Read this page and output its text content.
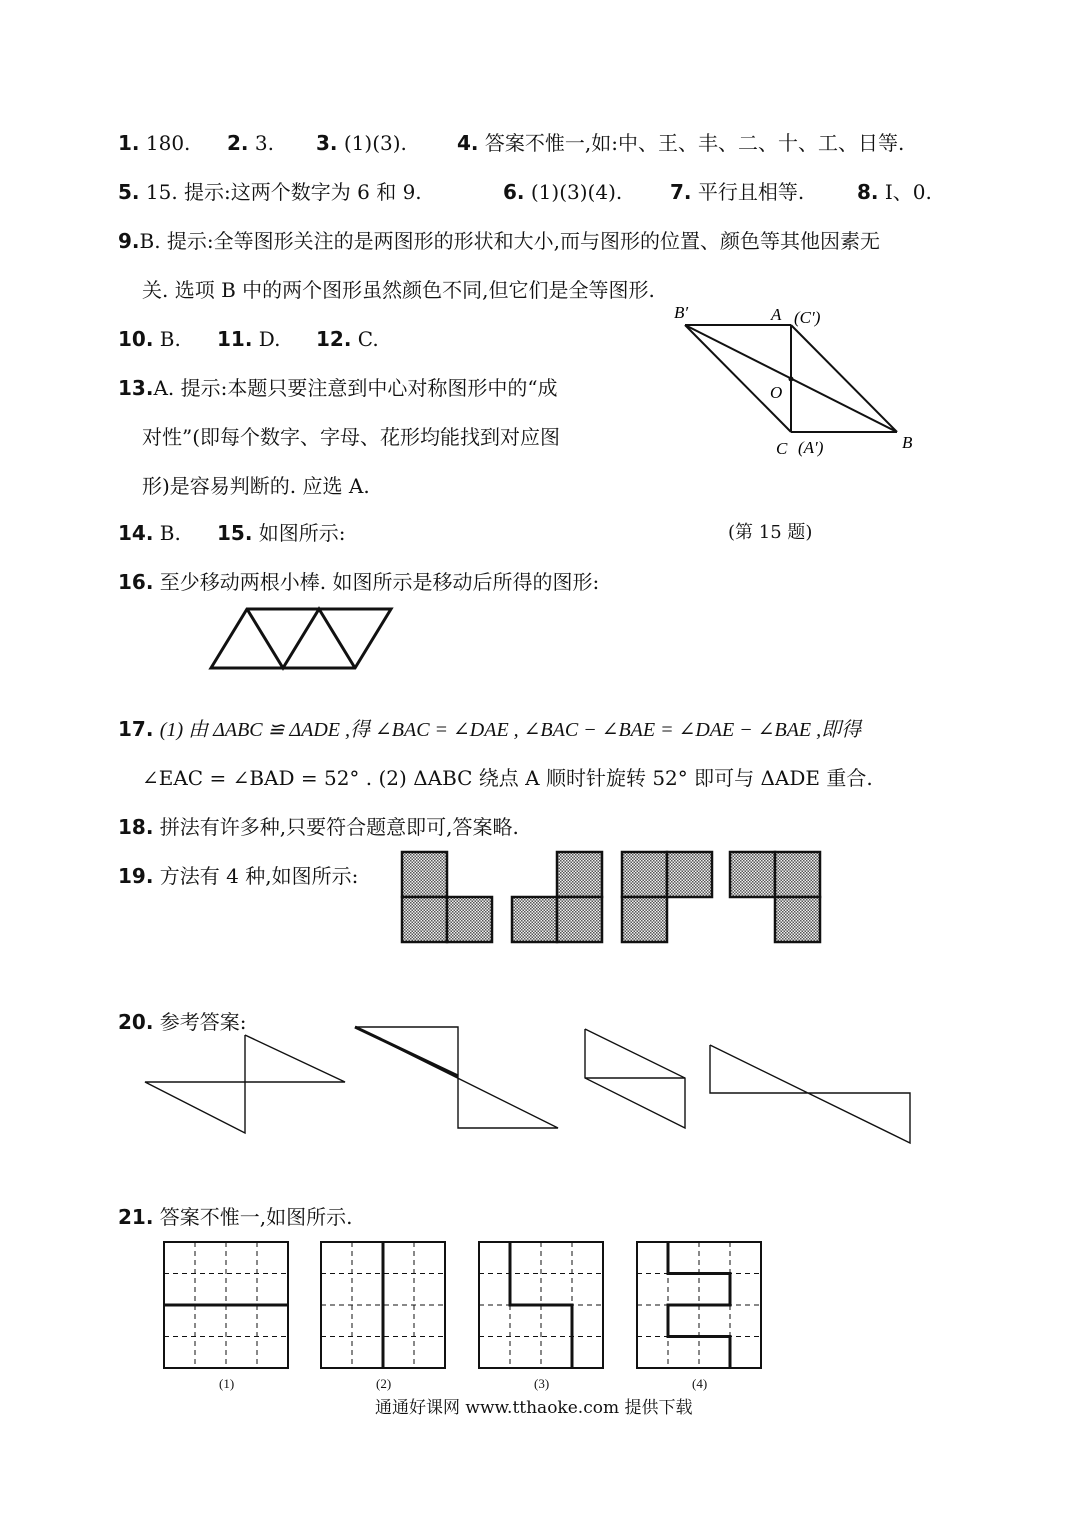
1. 180. 2. 3. 3. (1)(3).	4. 答案不惟一,如:中、王、丰、二、十、工、日等.
5. 15. 提示:这两个数字为 6 和 9.	6. (1)(3)(4). 7. 平行且相等.	8. I、0.
9.B. 提示:全等图形关注的是两图形的形状和大小,而与图形的位置、颜色等其他因素无
关. 选项 B 中的两个图形虽然颜色不同,但它们是全等图形.
10. B. 11. D. 12. C.
13.A. 提示:本题只要注意到中心对称图形中的“成
对性”(即每个数字、字母、花形均能找到对应图
形)是容易判断的. 应选 A.
B′	A (C′)
O
C (A′)	B
(第 15 题)
14. B. 15. 如图所示:
16. 至少移动两根小棒. 如图所示是移动后所得的图形:
17. (1) 由 ΔABC ≌ ΔADE ,得 ∠BAC = ∠DAE , ∠BAC − ∠BAE = ∠DAE − ∠BAE ,即得
∠EAC = ∠BAD = 52° . (2) ΔABC 绕点 A 顺时针旋转 52° 即可与 ΔADE 重合.
18. 拼法有许多种,只要符合题意即可,答案略.
19. 方法有 4 种,如图所示:
20. 参考答案:
21. 答案不惟一,如图所示.
(1)	(2)	(3)	(4)
通通好课网 www.tthaoke.com 提供下载
